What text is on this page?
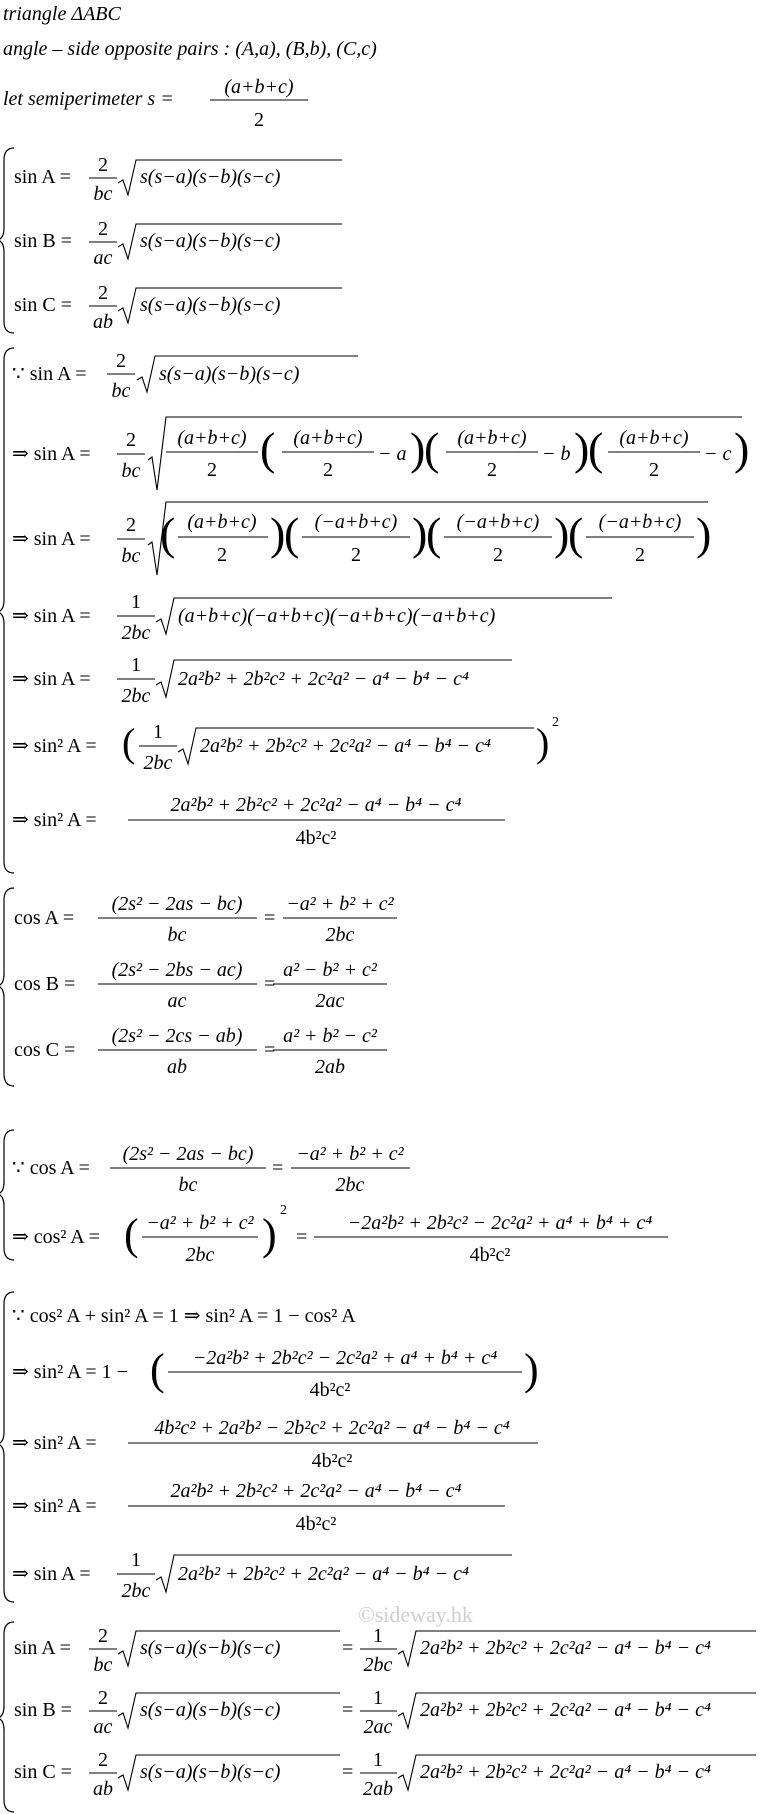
triangle ΔABC
angle – side opposite pairs : (A,a), (B,b), (C,c)
let semiperimeter s =
(a+b+c)
2
sin A =
2
bc
s(s−a)(s−b)(s−c)
sin B =
2
ac
s(s−a)(s−b)(s−c)
sin C =
2
ab
s(s−a)(s−b)(s−c)
∵ sin A =
2
bc
s(s−a)(s−b)(s−c)
⇒ sin A =
2
bc
(a+b+c)
2 ( (a+b+c)
2
− a )
( (a+b+c)
2
− b )
( (a+b+c)
2
− c )
⇒ sin A =
2
bc ( (a+b+c)
2 )
( (−a+b+c)
2 )
( (−a+b+c)
2 )
( (−a+b+c)
2 )
⇒ sin A =
1
2bc
(a+b+c)(−a+b+c)(−a+b+c)(−a+b+c)
⇒ sin A =
1
2bc
2a²b² + 2b²c² + 2c²a² − a⁴ − b⁴ − c⁴
⇒ sin² A = ( 1
2bc
2a²b² + 2b²c² + 2c²a² − a⁴ − b⁴ − c⁴ ) 2
⇒ sin² A =
2a²b² + 2b²c² + 2c²a² − a⁴ − b⁴ − c⁴
4b²c²
cos A =
(2s² − 2as − bc)
bc
=
−a² + b² + c²
2bc
cos B =
(2s² − 2bs − ac)
ac
=
a² − b² + c²
2ac
cos C =
(2s² − 2cs − ab)
ab
=
a² + b² − c²
2ab
∵ cos A =
(2s² − 2as − bc)
bc
=
−a² + b² + c²
2bc
⇒ cos² A = ( −a² + b² + c²
2bc ) 2
=
−2a²b² + 2b²c² − 2c²a² + a⁴ + b⁴ + c⁴
4b²c²
∵ cos² A + sin² A = 1 ⇒ sin² A = 1 − cos² A
⇒ sin² A = 1 − ( −2a²b² + 2b²c² − 2c²a² + a⁴ + b⁴ + c⁴
4b²c²	)
⇒ sin² A =
4b²c² + 2a²b² − 2b²c² + 2c²a² − a⁴ − b⁴ − c⁴
4b²c²
⇒ sin² A =
2a²b² + 2b²c² + 2c²a² − a⁴ − b⁴ − c⁴
4b²c²
⇒ sin A =
1
2bc
2a²b² + 2b²c² + 2c²a² − a⁴ − b⁴ − c⁴
©sideway.hk
sin A =
2
bc
s(s−a)(s−b)(s−c)	=
1
2bc
2a²b² + 2b²c² + 2c²a² − a⁴ − b⁴ − c⁴
sin B =
2
ac
s(s−a)(s−b)(s−c)	=
1
2ac
2a²b² + 2b²c² + 2c²a² − a⁴ − b⁴ − c⁴
sin C =
2
ab
s(s−a)(s−b)(s−c)	=
1
2ab
2a²b² + 2b²c² + 2c²a² − a⁴ − b⁴ − c⁴
